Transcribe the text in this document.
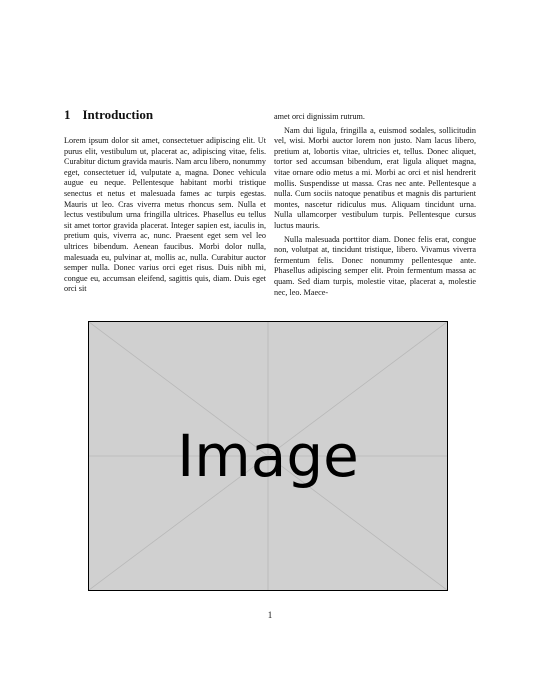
1 Introduction

Lorem ipsum dolor sit amet, consectetuer adipiscing elit. Ut purus elit, vestibulum ut, placerat ac, adipiscing vitae, felis. Curabitur dictum gravida mauris. Nam arcu libero, nonummy eget, consectetuer id, vulputate a, magna. Donec vehicula augue eu neque. Pellentesque habitant morbi tristique senectus et netus et malesuada fames ac turpis egestas. Mauris ut leo. Cras viverra metus rhoncus sem. Nulla et lectus vestibulum urna fringilla ultrices. Phasellus eu tellus sit amet tortor gravida placerat. Integer sapien est, iaculis in, pretium quis, viverra ac, nunc. Praesent eget sem vel leo ultrices bibendum. Aenean faucibus. Morbi dolor nulla, malesuada eu, pulvinar at, mollis ac, nulla. Curabitur auctor semper nulla. Donec varius orci eget risus. Duis nibh mi, congue eu, accumsan eleifend, sagittis quis, diam. Duis eget orci sit

amet orci dignissim rutrum.

Nam dui ligula, fringilla a, euismod sodales, sollicitudin vel, wisi. Morbi auctor lorem non justo. Nam lacus libero, pretium at, lobortis vitae, ultricies et, tellus. Donec aliquet, tortor sed accumsan bibendum, erat ligula aliquet magna, vitae ornare odio metus a mi. Morbi ac orci et nisl hendrerit mollis. Suspendisse ut massa. Cras nec ante. Pellentesque a nulla. Cum sociis natoque penatibus et magnis dis parturient montes, nascetur ridiculus mus. Aliquam tincidunt urna. Nulla ullamcorper vestibulum turpis. Pellentesque cursus luctus mauris.

Nulla malesuada porttitor diam. Donec felis erat, congue non, volutpat at, tincidunt tristique, libero. Vivamus viverra fermentum felis. Donec nonummy pellentesque ante. Phasellus adipiscing semper elit. Proin fermentum massa ac quam. Sed diam turpis, molestie vitae, placerat a, molestie nec, leo. Maece-

Image
1
